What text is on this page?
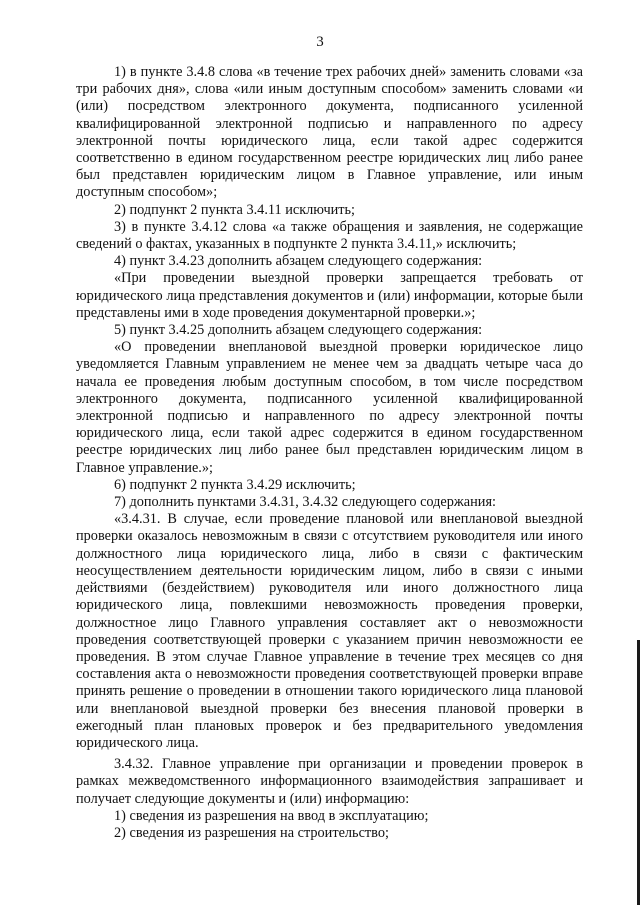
3

1) в пункте 3.4.8 слова «в течение трех рабочих дней» заменить словами «за три рабочих дня», слова «или иным доступным способом» заменить словами «и (или) посредством электронного документа, подписанного усиленной квалифицированной электронной подписью и направленного по адресу электронной почты юридического лица, если такой адрес содержится соответственно в едином государственном реестре юридических лиц либо ранее был представлен юридическим лицом в Главное управление, или иным доступным способом»;

2) подпункт 2 пункта 3.4.11 исключить;

3) в пункте 3.4.12 слова «а также обращения и заявления, не содержащие сведений о фактах, указанных в подпункте 2 пункта 3.4.11,» исключить;

4) пункт 3.4.23 дополнить абзацем следующего содержания:

«При проведении выездной проверки запрещается требовать от юридического лица представления документов и (или) информации, которые были представлены ими в ходе проведения документарной проверки.»;

5) пункт 3.4.25 дополнить абзацем следующего содержания:

«О проведении внеплановой выездной проверки юридическое лицо уведомляется Главным управлением не менее чем за двадцать четыре часа до начала ее проведения любым доступным способом, в том числе посредством электронного документа, подписанного усиленной квалифицированной электронной подписью и направленного по адресу электронной почты юридического лица, если такой адрес содержится в едином государственном реестре юридических лиц либо ранее был представлен юридическим лицом в Главное управление.»;

6) подпункт 2 пункта 3.4.29 исключить;

7) дополнить пунктами 3.4.31, 3.4.32 следующего содержания:

«3.4.31. В случае, если проведение плановой или внеплановой выездной проверки оказалось невозможным в связи с отсутствием руководителя или иного должностного лица юридического лица, либо в связи с фактическим неосуществлением деятельности юридическим лицом, либо в связи с иными действиями (бездействием) руководителя или иного должностного лица юридического лица, повлекшими невозможность проведения проверки, должностное лицо Главного управления составляет акт о невозможности проведения соответствующей проверки с указанием причин невозможности ее проведения. В этом случае Главное управление в течение трех месяцев со дня составления акта о невозможности проведения соответствующей проверки вправе принять решение о проведении в отношении такого юридического лица плановой или внеплановой выездной проверки без внесения плановой проверки в ежегодный план плановых проверок и без предварительного уведомления юридического лица.

3.4.32. Главное управление при организации и проведении проверок в рамках межведомственного информационного взаимодействия запрашивает и получает следующие документы и (или) информацию:

1) сведения из разрешения на ввод в эксплуатацию;

2) сведения из разрешения на строительство;
